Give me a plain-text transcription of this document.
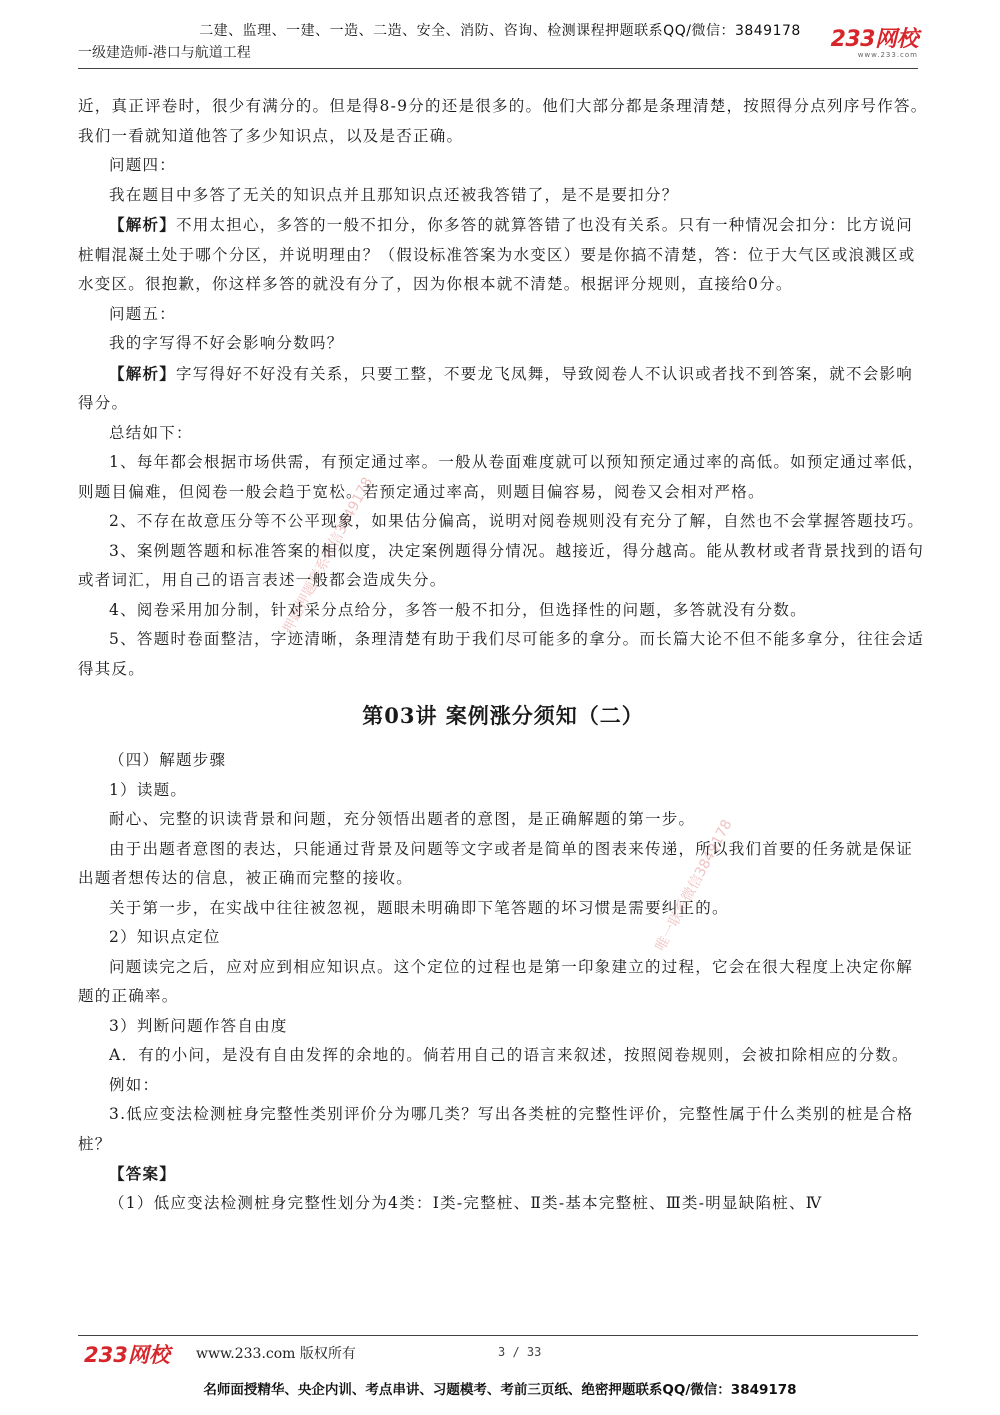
二建、监理、一建、一造、二造、安全、消防、咨询、检测课程押题联系QQ/微信：3849178
一级建造师-港口与航道工程
233网校
www.233.com
押题押题联系微信3849178
唯一联系微信3849178

近，真正评卷时，很少有满分的。但是得8-9分的还是很多的。他们大部分都是条理清楚，按照得分点列序号作答。我们一看就知道他答了多少知识点，以及是否正确。

问题四：

我在题目中多答了无关的知识点并且那知识点还被我答错了，是不是要扣分？

【解析】不用太担心，多答的一般不扣分，你多答的就算答错了也没有关系。只有一种情况会扣分：比方说问桩帽混凝土处于哪个分区，并说明理由？（假设标准答案为水变区）要是你搞不清楚，答：位于大气区或浪溅区或水变区。很抱歉，你这样多答的就没有分了，因为你根本就不清楚。根据评分规则，直接给0分。

问题五：

我的字写得不好会影响分数吗？

【解析】字写得好不好没有关系，只要工整，不要龙飞凤舞，导致阅卷人不认识或者找不到答案，就不会影响得分。

总结如下：

1、每年都会根据市场供需，有预定通过率。一般从卷面难度就可以预知预定通过率的高低。如预定通过率低，则题目偏难，但阅卷一般会趋于宽松。若预定通过率高，则题目偏容易，阅卷又会相对严格。

2、不存在故意压分等不公平现象，如果估分偏高，说明对阅卷规则没有充分了解，自然也不会掌握答题技巧。

3、案例题答题和标准答案的相似度，决定案例题得分情况。越接近，得分越高。能从教材或者背景找到的语句或者词汇，用自己的语言表述一般都会造成失分。

4、阅卷采用加分制，针对采分点给分，多答一般不扣分，但选择性的问题，多答就没有分数。

5、答题时卷面整洁，字迹清晰，条理清楚有助于我们尽可能多的拿分。而长篇大论不但不能多拿分，往往会适得其反。

第03讲 案例涨分须知（二）

（四）解题步骤

1）读题。

耐心、完整的识读背景和问题，充分领悟出题者的意图，是正确解题的第一步。

由于出题者意图的表达，只能通过背景及问题等文字或者是简单的图表来传递，所以我们首要的任务就是保证出题者想传达的信息，被正确而完整的接收。

关于第一步，在实战中往往被忽视，题眼未明确即下笔答题的坏习惯是需要纠正的。

2）知识点定位

问题读完之后，应对应到相应知识点。这个定位的过程也是第一印象建立的过程，它会在很大程度上决定你解题的正确率。

3）判断问题作答自由度

A．有的小问，是没有自由发挥的余地的。倘若用自己的语言来叙述，按照阅卷规则，会被扣除相应的分数。

例如：

3.低应变法检测桩身完整性类别评价分为哪几类？写出各类桩的完整性评价，完整性属于什么类别的桩是合格桩？

【答案】

（1）低应变法检测桩身完整性划分为4类：Ⅰ类-完整桩、Ⅱ类-基本完整桩、Ⅲ类-明显缺陷桩、Ⅳ

233网校 www.233.com 版权所有	3 / 33
名师面授精华、央企内训、考点串讲、习题模考、考前三页纸、绝密押题联系QQ/微信：3849178
